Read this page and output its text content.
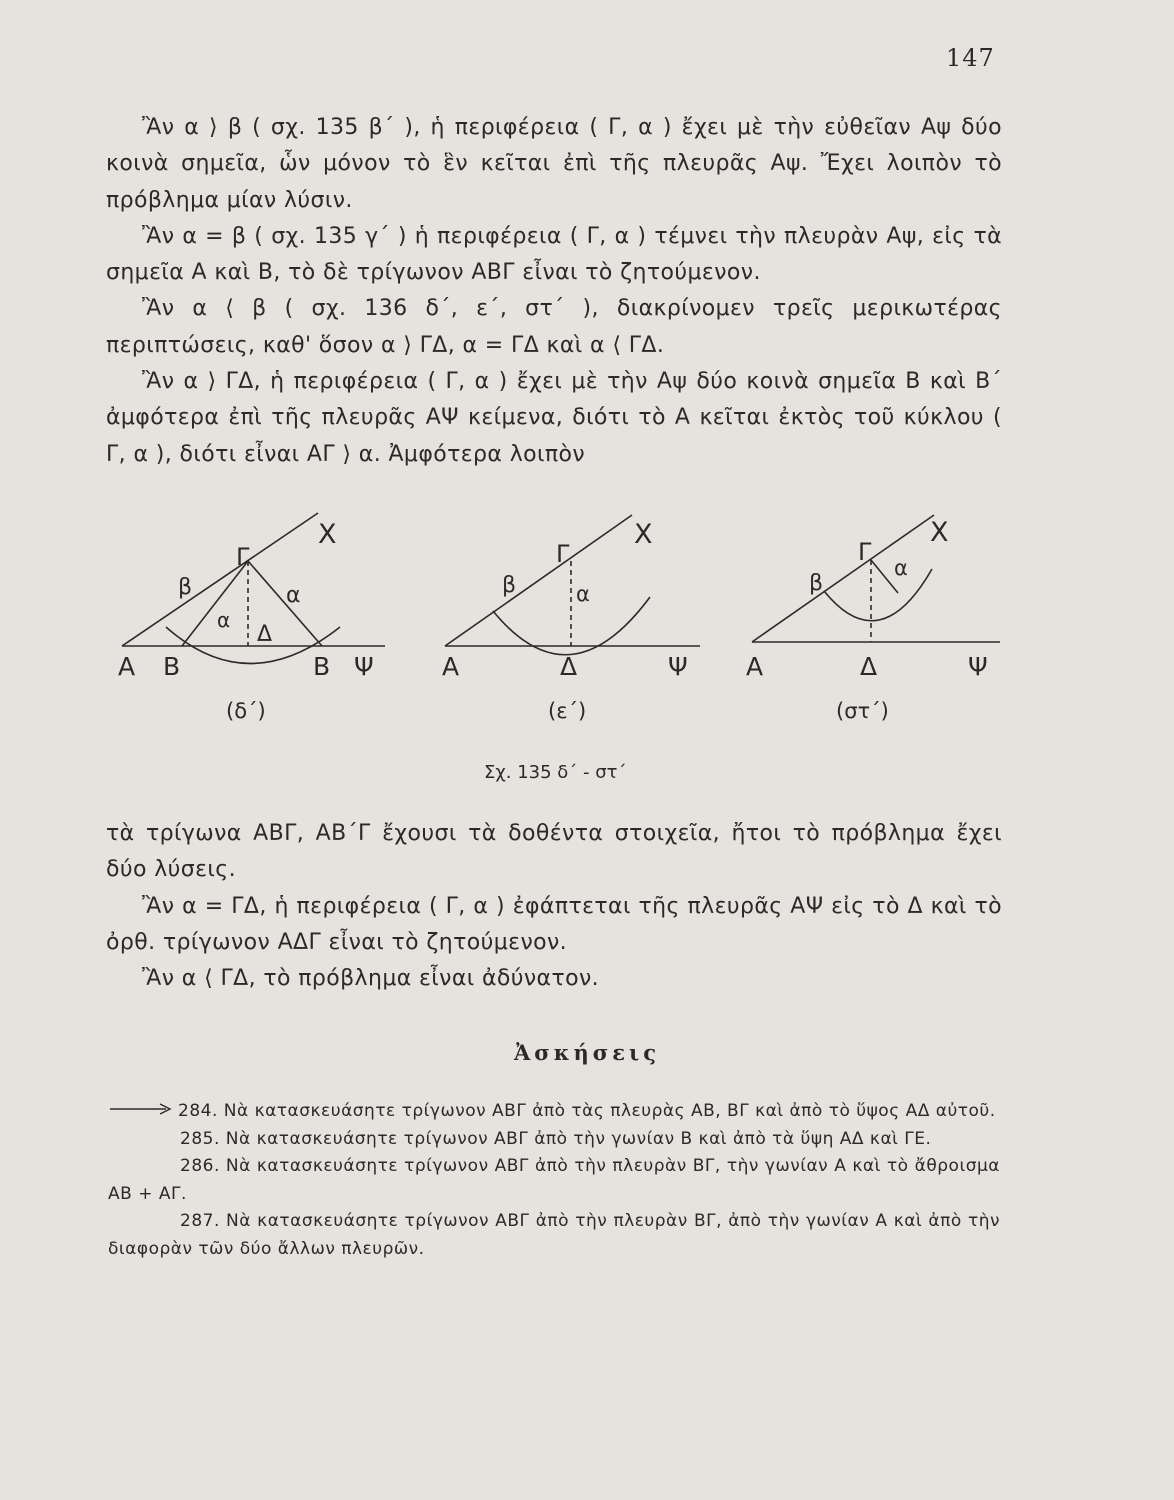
147

Ἂν α ⟩ β ( σχ. 135 β΄ ), ἡ περιφέρεια ( Γ, α ) ἔχει μὲ τὴν εὐθεῖαν Αψ δύο κοινὰ σημεῖα, ὧν μόνον τὸ ἓν κεῖται ἐπὶ τῆς πλευρᾶς Αψ. Ἔχει λοιπὸν τὸ πρόβλημα μίαν λύσιν.

Ἂν α = β ( σχ. 135 γ΄ ) ἡ περιφέρεια ( Γ, α ) τέμνει τὴν πλευρὰν Αψ, εἰς τὰ σημεῖα Α καὶ Β, τὸ δὲ τρίγωνον ΑΒΓ εἶναι τὸ ζητούμενον.

Ἂν α ⟨ β ( σχ. 136 δ΄, ε΄, στ΄ ), διακρίνομεν τρεῖς μερικωτέρας περιπτώσεις, καθ' ὅσον α ⟩ ΓΔ, α = ΓΔ καὶ α ⟨ ΓΔ.

Ἂν α ⟩ ΓΔ, ἡ περιφέρεια ( Γ, α ) ἔχει μὲ τὴν Αψ δύο κοινὰ σημεῖα Β καὶ Β΄ ἀμφότερα ἐπὶ τῆς πλευρᾶς ΑΨ κείμενα, διότι τὸ Α κεῖται ἐκτὸς τοῦ κύκλου ( Γ, α ), διότι εἶναι ΑΓ ⟩ α. Ἀμφότερα λοιπὸν

X
Γ
β	α
α
Δ
Α Β	Β Ψ
(δ΄)
X
Γ
β	α
Α	Δ	Ψ
(ε΄)
X
Γ
β
α
Α	Δ	Ψ
(στ΄)
Σχ. 135 δ΄ - στ΄

τὰ τρίγωνα ΑΒΓ, ΑΒ΄Γ ἔχουσι τὰ δοθέντα στοιχεῖα, ἤτοι τὸ πρόβλημα ἔχει δύο λύσεις.

Ἂν α = ΓΔ, ἡ περιφέρεια ( Γ, α ) ἐφάπτεται τῆς πλευρᾶς ΑΨ εἰς τὸ Δ καὶ τὸ ὀρθ. τρίγωνον ΑΔΓ εἶναι τὸ ζητούμενον.

Ἂν α ⟨ ΓΔ, τὸ πρόβλημα εἶναι ἀδύνατον.

Ἀσκήσεις

284. Νὰ κατασκευάσητε τρίγωνον ΑΒΓ ἀπὸ τὰς πλευρὰς ΑΒ, ΒΓ καὶ ἀπὸ τὸ ὕψος ΑΔ αὐτοῦ.

285. Νὰ κατασκευάσητε τρίγωνον ΑΒΓ ἀπὸ τὴν γωνίαν Β καὶ ἀπὸ τὰ ὕψη ΑΔ καὶ ΓΕ.

286. Νὰ κατασκευάσητε τρίγωνον ΑΒΓ ἀπὸ τὴν πλευρὰν ΒΓ, τὴν γωνίαν Α καὶ τὸ ἄθροισμα ΑΒ + ΑΓ.

287. Νὰ κατασκευάσητε τρίγωνον ΑΒΓ ἀπὸ τὴν πλευρὰν ΒΓ, ἀπὸ τὴν γωνίαν Α καὶ ἀπὸ τὴν διαφορὰν τῶν δύο ἄλλων πλευρῶν.
